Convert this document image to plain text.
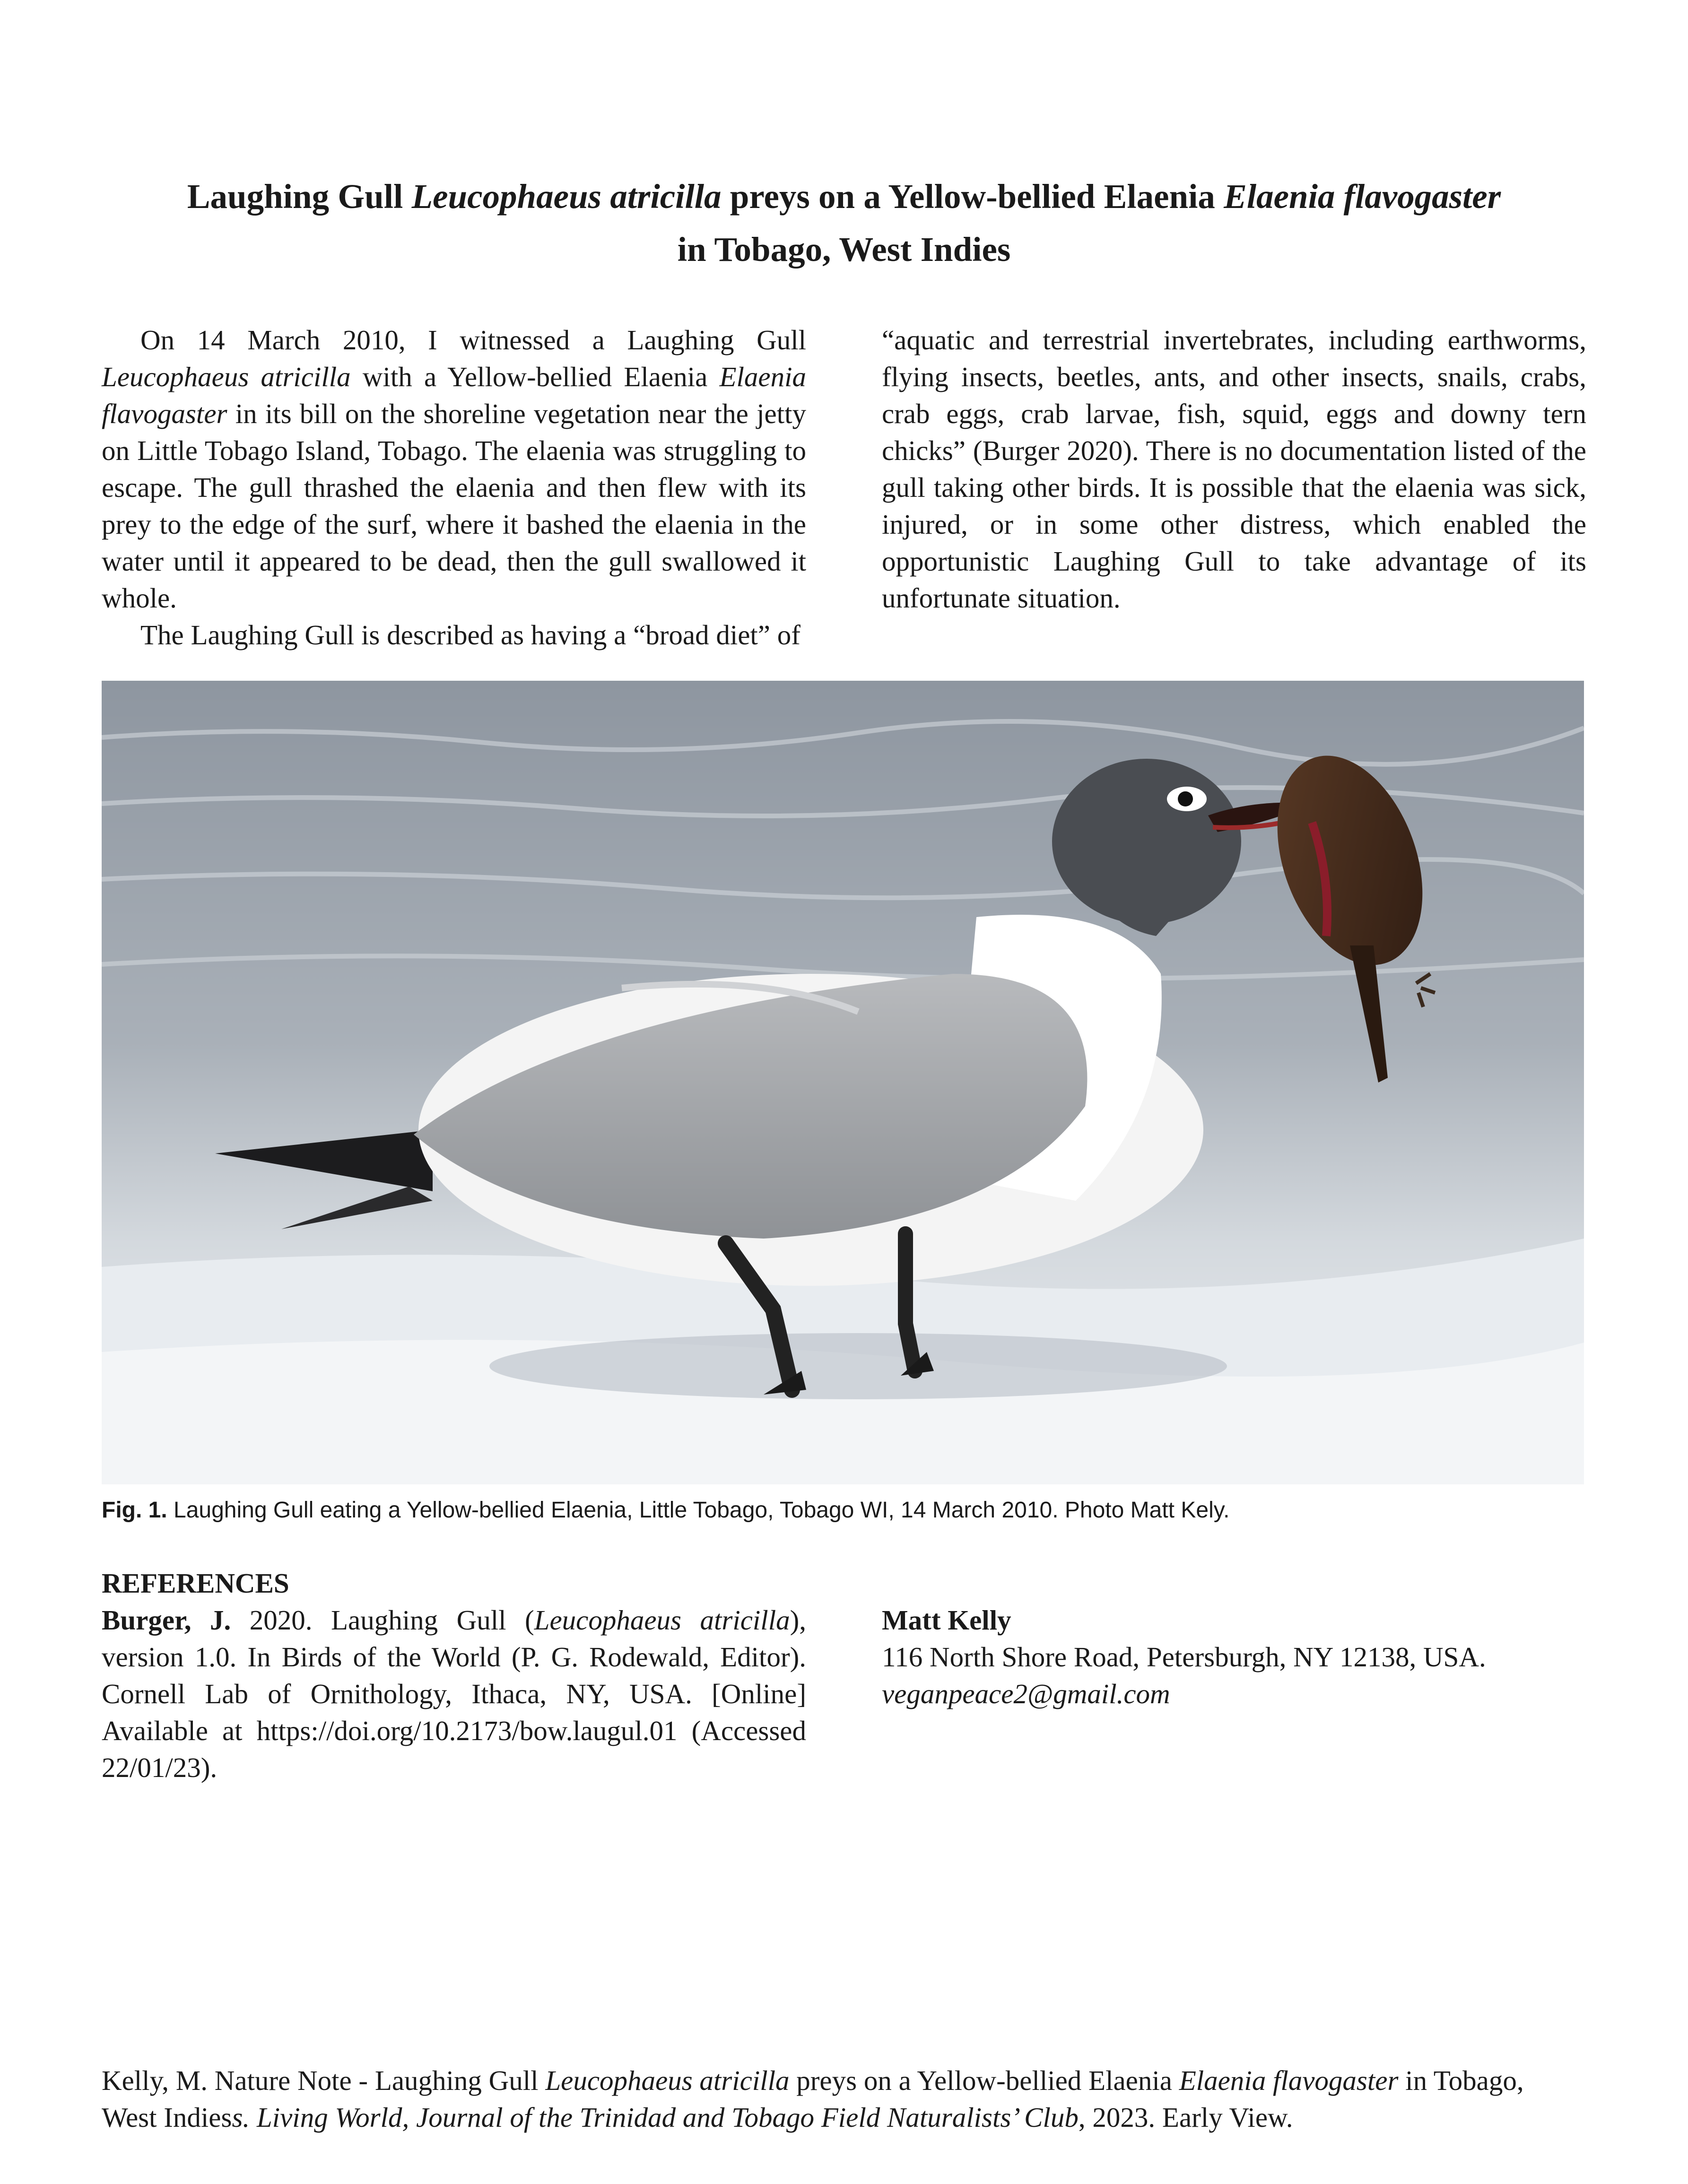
Laughing Gull Leucophaeus atricilla preys on a Yellow-bellied Elaenia Elaenia flavogaster
in Tobago, West Indies

On 14 March 2010, I witnessed a Laughing Gull Leucophaeus atricilla with a Yellow-bellied Elaenia Elaenia flavogaster in its bill on the shoreline vegetation near the jetty on Little Tobago Island, Tobago. The elaenia was struggling to escape. The gull thrashed the elaenia and then flew with its prey to the edge of the surf, where it bashed the elaenia in the water until it appeared to be dead, then the gull swallowed it whole.

The Laughing Gull is described as having a “broad diet” of

“aquatic and terrestrial invertebrates, including earthworms, flying insects, beetles, ants, and other insects, snails, crabs, crab eggs, crab larvae, fish, squid, eggs and downy tern chicks” (Burger 2020). There is no documentation listed of the gull taking other birds. It is possible that the elaenia was sick, injured, or in some other distress, which enabled the opportunistic Laughing Gull to take advantage of its unfortunate situation.

Fig. 1. Laughing Gull eating a Yellow-bellied Elaenia, Little Tobago, Tobago WI, 14 March 2010. Photo Matt Kely.
REFERENCES
Burger, J. 2020. Laughing Gull (Leucophaeus atricilla), version 1.0. In Birds of the World (P. G. Rodewald, Editor). Cornell Lab of Ornithology, Ithaca, NY, USA. [Online] Available at https://doi.org/10.2173/bow.laugul.01 (Accessed 22/01/23).
Matt Kelly
116 North Shore Road, Petersburgh, NY 12138, USA.
veganpeace2@gmail.com
Kelly, M. Nature Note - Laughing Gull Leucophaeus atricilla preys on a Yellow-bellied Elaenia Elaenia flavogaster in Tobago, West Indiess. Living World, Journal of the Trinidad and Tobago Field Naturalists’ Club, 2023. Early View.
